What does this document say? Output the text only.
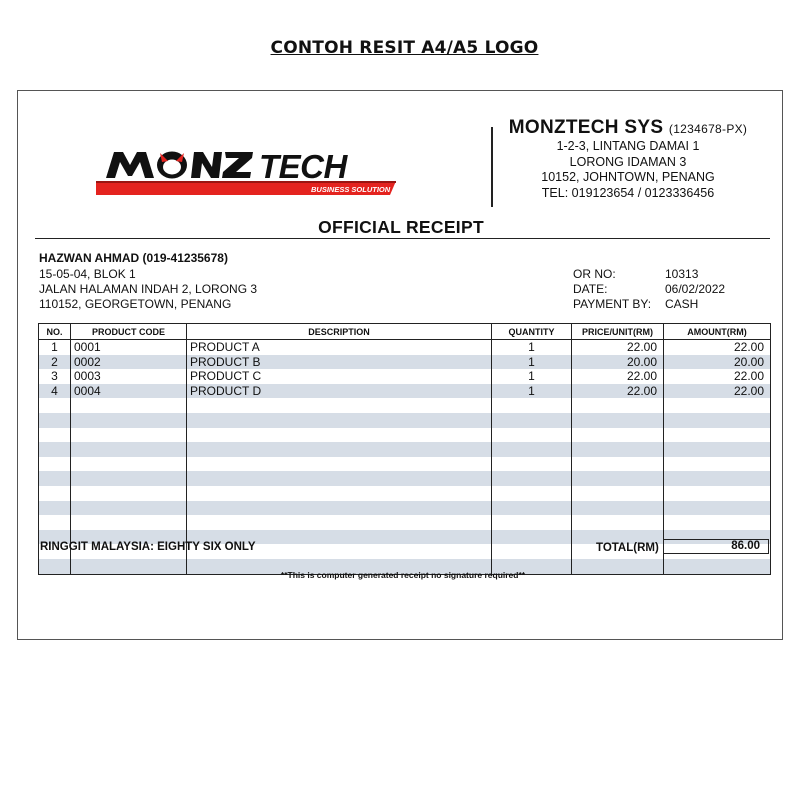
CONTOH RESIT A4/A5 LOGO
BUSINESS SOLUTION
TECH
MONZTECH SYS (1234678-PX)
1-2-3, LINTANG DAMAI 1
LORONG IDAMAN 3
10152, JOHNTOWN, PENANG
TEL: 019123654 / 0123336456
OFFICIAL RECEIPT
HAZWAN AHMAD (019-41235678)
15-05-04, BLOK 1
JALAN HALAMAN INDAH 2, LORONG 3
110152, GEORGETOWN, PENANG
OR NO:	10313
DATE:	06/02/2022
PAYMENT BY:	CASH
NO.	PRODUCT CODE	DESCRIPTION	QUANTITY	PRICE/UNIT(RM)	AMOUNT(RM)
1	0001	PRODUCT A	1	22.00	22.00
2	0002	PRODUCT B	1	20.00	20.00
3	0003	PRODUCT C	1	22.00	22.00
4	0004	PRODUCT D	1	22.00	22.00

RINGGIT MALAYSIA: EIGHTY SIX ONLY	TOTAL(RM)	86.00
**This is computer generated receipt no signature required**
